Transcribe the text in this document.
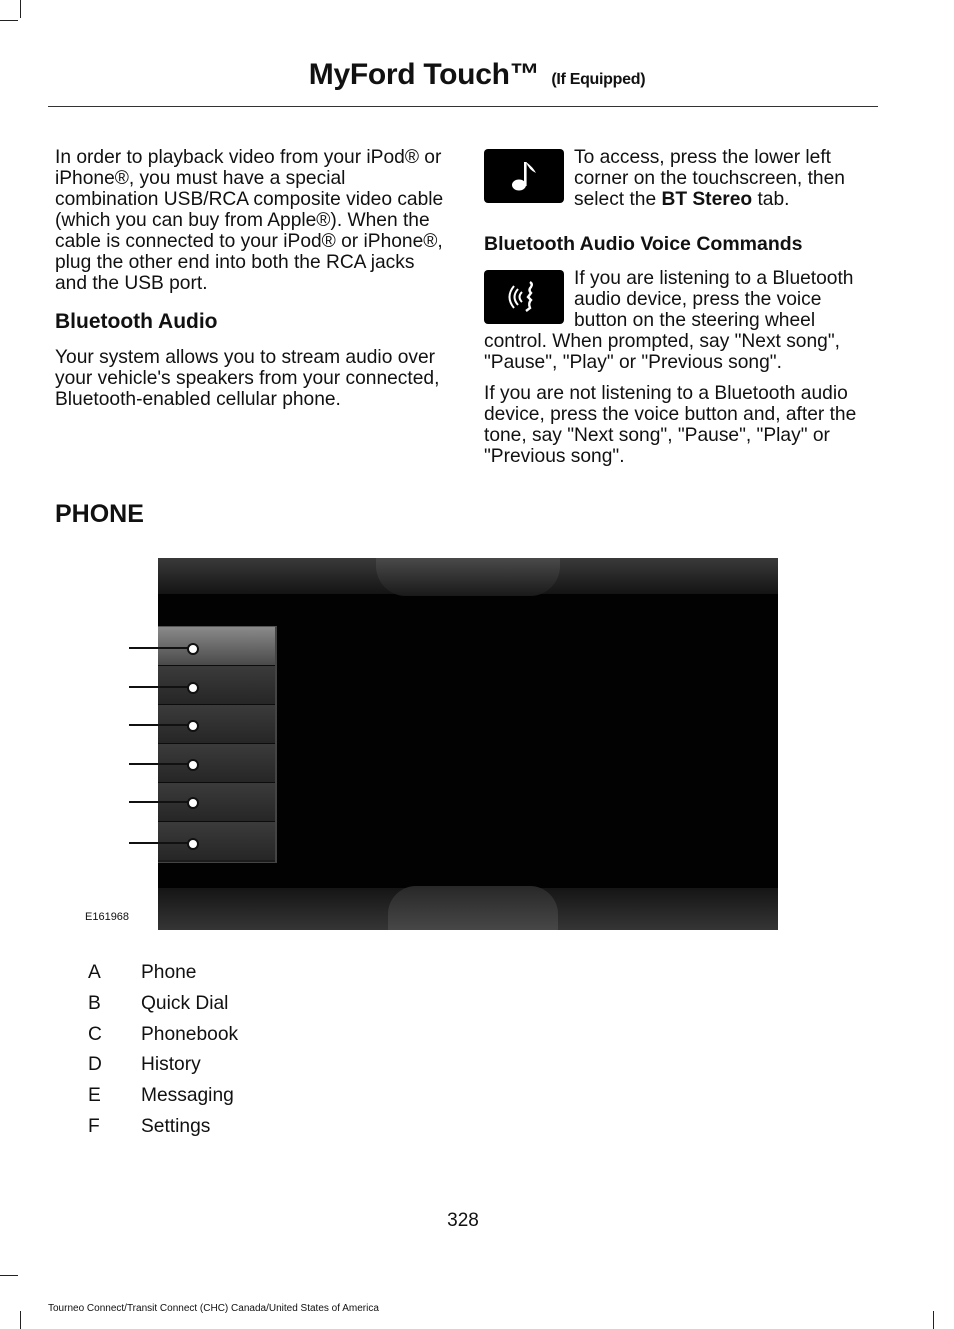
MyFord Touch™ (If Equipped)

In order to playback video from your iPod® or iPhone®, you must have a special combination USB/RCA composite video cable (which you can buy from Apple®). When the cable is connected to your iPod® or iPhone®, plug the other end into both the RCA jacks and the USB port.

Bluetooth Audio

Your system allows you to stream audio over your vehicle's speakers from your connected, Bluetooth-enabled cellular phone.

To access, press the lower left corner on the touchscreen, then select the BT Stereo tab.

Bluetooth Audio Voice Commands

If you are listening to a Bluetooth audio device, press the voice button on the steering wheel control. When prompted, say "Next song", "Pause", "Play" or "Previous song".

If you are not listening to a Bluetooth audio device, press the voice button and, after the tone, say "Next song", "Pause", "Play" or "Previous song".

PHONE
E161968
A	Phone
B	Quick Dial
C	Phonebook
D	History
E	Messaging
F	Settings
328
Tourneo Connect/Transit Connect (CHC) Canada/United States of America
